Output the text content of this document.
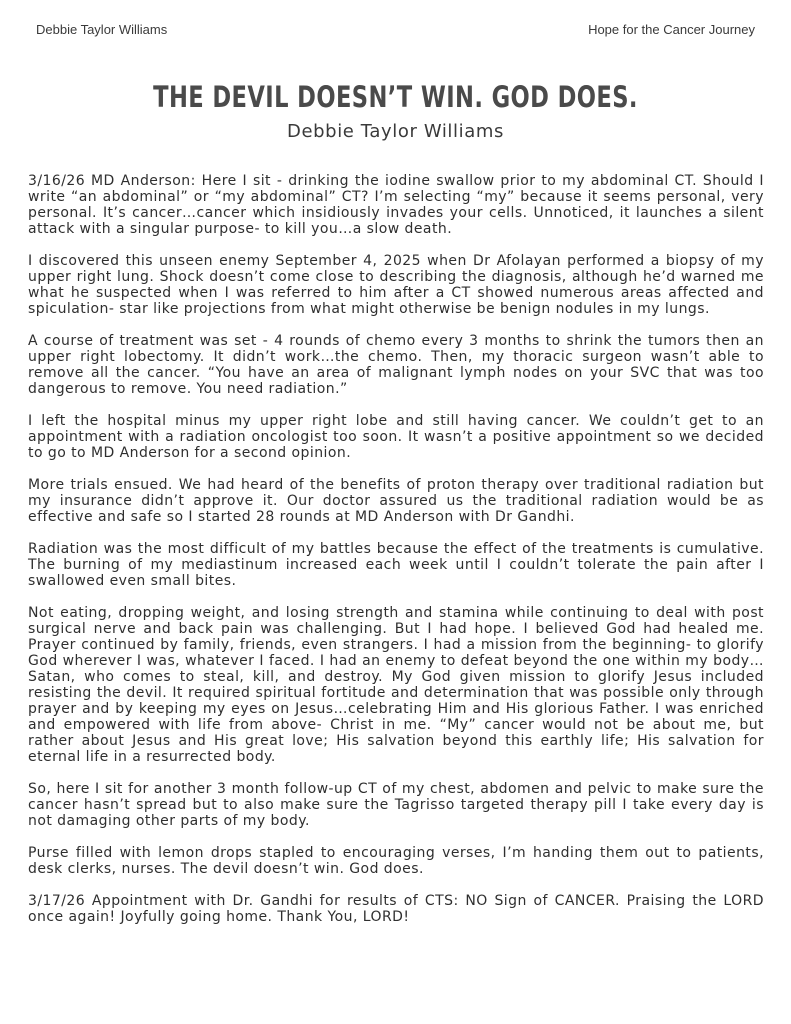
Debbie Taylor Williams	Hope for the Cancer Journey
THE DEVIL DOESN’T WIN. GOD DOES.
Debbie Taylor Williams

3/16/26 MD Anderson: Here I sit - drinking the iodine swallow prior to my abdominal CT. Should I write “an abdominal” or “my abdominal” CT? I’m selecting “my” because it seems personal, very personal. It’s cancer…cancer which insidiously invades your cells. Unnoticed, it launches a silent attack with a singular purpose- to kill you…a slow death.

I discovered this unseen enemy September 4, 2025 when Dr Afolayan performed a biopsy of my upper right lung. Shock doesn’t come close to describing the diagnosis, although he’d warned me what he suspected when I was referred to him after a CT showed numerous areas affected and spiculation- star like projections from what might otherwise be benign nodules in my lungs.

A course of treatment was set - 4 rounds of chemo every 3 months to shrink the tumors then an upper right lobectomy. It didn’t work…the chemo. Then, my thoracic surgeon wasn’t able to remove all the cancer. “You have an area of malignant lymph nodes on your SVC that was too dangerous to remove. You need radiation.”

I left the hospital minus my upper right lobe and still having cancer. We couldn’t get to an appointment with a radiation oncologist too soon. It wasn’t a positive appointment so we decided to go to MD Anderson for a second opinion.

More trials ensued. We had heard of the benefits of proton therapy over traditional radiation but my insurance didn’t approve it. Our doctor assured us the traditional radiation would be as effective and safe so I started 28 rounds at MD Anderson with Dr Gandhi.

Radiation was the most difficult of my battles because the effect of the treatments is cumulative. The burning of my mediastinum increased each week until I couldn’t tolerate the pain after I swallowed even small bites.

Not eating, dropping weight, and losing strength and stamina while continuing to deal with post surgical nerve and back pain was challenging. But I had hope. I believed God had healed me. Prayer continued by family, friends, even strangers. I had a mission from the beginning- to glorify God wherever I was, whatever I faced. I had an enemy to defeat beyond the one within my body…Satan, who comes to steal, kill, and destroy. My God given mission to glorify Jesus included resisting the devil. It required spiritual fortitude and determination that was possible only through prayer and by keeping my eyes on Jesus…celebrating Him and His glorious Father. I was enriched and empowered with life from above- Christ in me. “My” cancer would not be about me, but rather about Jesus and His great love; His salvation beyond this earthly life; His salvation for eternal life in a resurrected body.

So, here I sit for another 3 month follow-up CT of my chest, abdomen and pelvic to make sure the cancer hasn’t spread but to also make sure the Tagrisso targeted therapy pill I take every day is not damaging other parts of my body.

Purse filled with lemon drops stapled to encouraging verses, I’m handing them out to patients, desk clerks, nurses. The devil doesn’t win. God does.

3/17/26 Appointment with Dr. Gandhi for results of CTS: NO Sign of CANCER. Praising the LORD once again! Joyfully going home. Thank You, LORD!
